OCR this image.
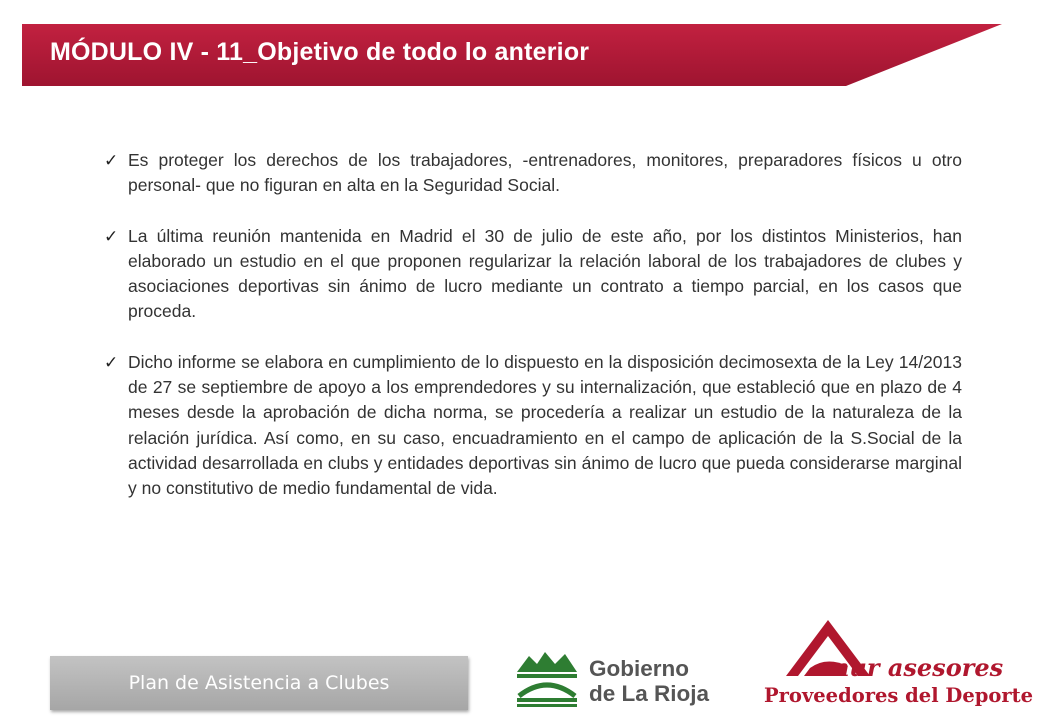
MÓDULO IV - 11_Objetivo de todo lo anterior
✓ Es proteger los derechos de los trabajadores, -entrenadores, monitores, preparadores físicos u otro personal- que no figuran en alta en la Seguridad Social.
✓ La última reunión mantenida en Madrid el 30 de julio de este año, por los distintos Ministerios, han elaborado un estudio en el que proponen regularizar la relación laboral de los trabajadores de clubes y asociaciones deportivas sin ánimo de lucro mediante un contrato a tiempo parcial, en los casos que proceda.
✓ Dicho informe se elabora en cumplimiento de lo dispuesto en la disposición decimosexta de la Ley 14/2013 de 27 se septiembre de apoyo a los emprendedores y su internalización, que estableció que en plazo de 4 meses desde la aprobación de dicha norma, se procedería a realizar un estudio de la naturaleza de la relación jurídica. Así como, en su caso, encuadramiento en el campo de aplicación de la S.Social de la actividad desarrollada en clubs y entidades deportivas sin ánimo de lucro que pueda considerarse marginal y no constitutivo de medio fundamental de vida.
Plan de Asistencia a Clubes
Gobierno
de La Rioja
mur asesores
Proveedores del Deporte
